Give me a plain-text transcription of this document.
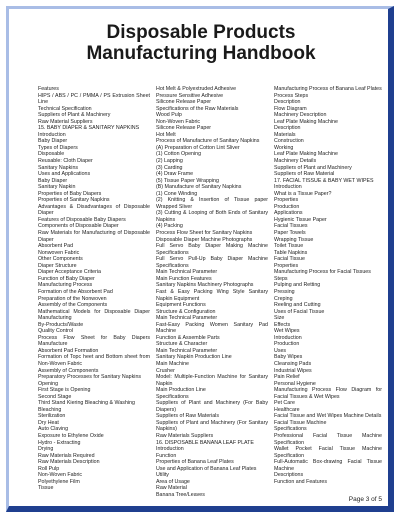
Disposable Products
Manufacturing Handbook
Features
HIPS / ABS / PC / PMMA / PS Extrusion Sheet Line
Technical Specification
Suppliers of Plant & Machinery
Raw Material Suppliers
15. BABY DIAPER & SANITARY NAPKINS
Introduction
Baby Diaper
Types of Diapers
Disposable
Reusable: Cloth Diaper
Sanitary Napkins
Uses and Applications
Baby Diaper
Sanitary Napkin
Properties of Baby Diapers
Properties of Sanitary Napkins
Advantages & Disadvantages of Disposable Diaper
Features of Disposable Baby Diapers
Components of Disposable Diaper
Raw Materials for Manufacturing of Disposable Diaper
Absorbent Pad
Nonwoven Fabric
Other Components
Diaper Structure
Diaper Acceptance Criteria
Function of Baby Diaper
Manufacturing Process
Formation of the Absorbent Pad
Preparation of the Nonwoven
Assembly of the Components
Mathematical Models for Disposable Diaper Manufacturing
By-Products/Waste
Quality Control
Process Flow Sheet for Baby Diapers Manufacture
Absorbent Pad Formation
Formation of Topc heet and Bottom sheet from Non-Woven Fabric
Assembly of Components
Preparatory Processes for Sanitary Napkins
Opening
First Stage is Opening
Second Stage
Third Stand Kiering Bleaching & Washing
Bleaching
Sterilization
Dry Heat
Auto Claving
Exposure to Ethylene Oxide
Hydro - Extracting
Drying
Raw Materials Required
Raw Materials Description
Roll Pulp
Non-Woven Fabric
Polyethylene Film
Tissue
Hot Melt & Polyextruded Adhesive
Pressure Sensitive Adhesive
Silicone Release Paper
Specifications of the Raw Materials
Wood Pulp
Non-Woven Fabric
Silicone Release Paper
Hot Melt
Process of Manufacture of Sanitary Napkins
(A) Preparation of Cotton Lint Sliver
(1) Cotton Opening
(2) Lapping
(3) Carding
(4) Draw Frame
(5) Tissue Paper Wrapping
(B) Manufacture of Sanitary Napkins
(1) Cone Winding
(2) Knitting & Insertion of Tissue paper Wrapped Sliver
(3) Cutting & Looping of Both Ends of Sanitary Napkins
(4) Packing
Process Flow Sheet for Sanitary Napkins
Disposable Diaper Machine Photographs
Full Servo Baby Diaper Making Machine Specifications
Full Servo Pull-Up Baby Diaper Machine Specifications
Main Technical Parameter
Main Function Features
Sanitary Napkins Machinery Photographs
Fast & Easy Packing Wing Style Sanitary Napkin Equipment
Equipment Functions
Structure & Configuration
Main Technical Parameter
Fast-Easy Packing Women Sanitary Pad Machine
Function & Assemble Parts
Structure & Character
Main Technical Parameter
Sanitary Napkin Production Line
Main Machine
Crusher
Model: Multiple-Function Machine for Sanitary Napkin
Main Production Line
Specifications
Suppliers of Plant and Machinery (For Baby Diapers)
Suppliers of Raw Materials
Suppliers of Plant and Machinery (For Sanitary Napkins)
Raw Materials Suppliers
16. DISPOSABLE BANANA LEAF PLATE
Introduction
Function
Properties of Banana Leaf Plates
Use and Application of Banana Leaf Plates
Utility
Area of Usage
Raw Material
Banana Tree/Leaves
Manufacturing Process of Banana Leaf Plates
Process Steps
Description
Flow Diagram
Machinery Description
Leaf Plate Making Machine
Description
Materials
Construction
Working
Leaf Plate Making Machine
Machinery Details
Suppliers of Plant and Machinery
Suppliers of Raw Material
17. FACIAL TISSUE & BABY WET WIPES
Introduction
What is a Tissue Paper?
Properties
Production
Applications
Hygienic Tissue Paper
Facial Tissues
Paper Towels
Wrapping Tissue
Toilet Tissue
Table Napkins
Facial Tissue
Properties
Manufacturing Process for Facial Tissues
Steps
Pulping and Retting
Pressing
Creping
Reeling and Cutting
Uses of Facial Tissue
Size
Effects
Wet Wipes
Introduction
Production
Uses
Baby Wipes
Cleansing Pads
Industrial Wipes
Pain Relief
Personal Hygiene
Manufacturing Process Flow Diagram for Facial Tissues & Wet Wipes
Pet Care
Healthcare
Facial Tissue and Wet Wipes Machine Details
Facial Tissue Machine
Specifications
Professional Facial Tissue Machine Specification
Wallet Pocket Facial Tissue Machine Specification
Full-Automatic Box-drawing Facial Tissue Machine
Descriptions
Function and Features
Page 3 of 5
